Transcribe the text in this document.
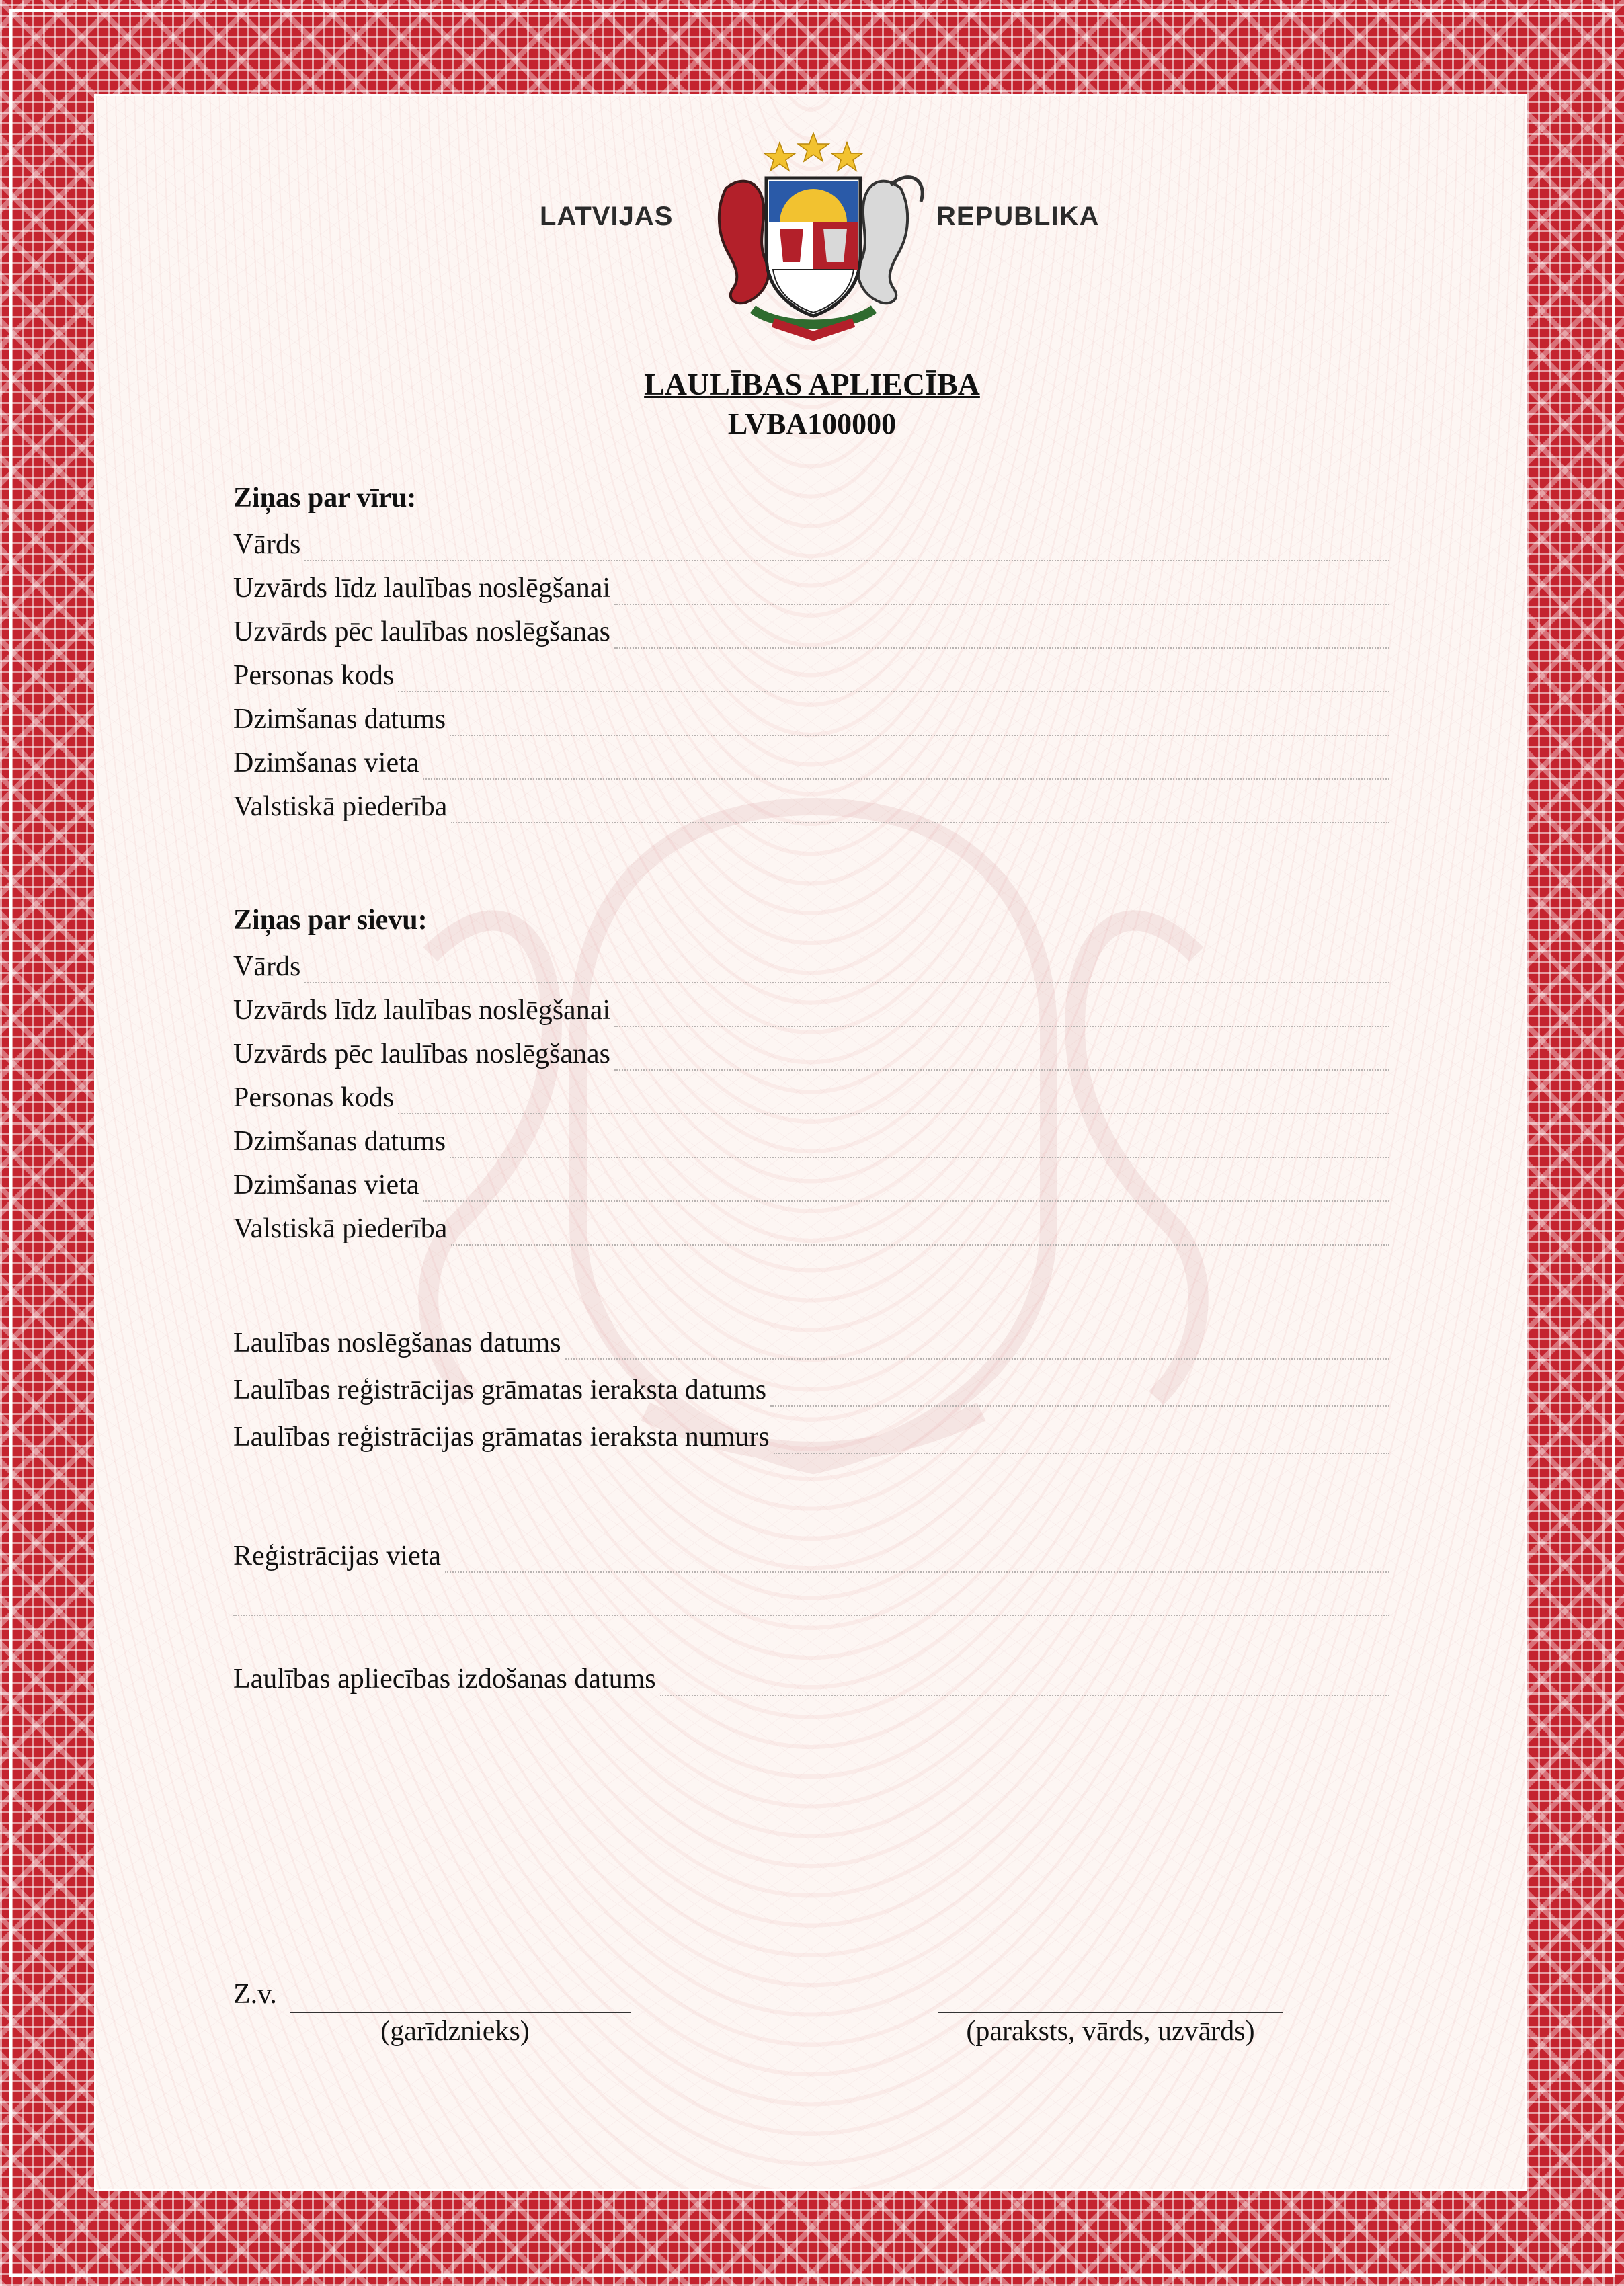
LATVIJAS	REPUBLIKA
LAULĪBAS APLIECĪBA
LVBA100000
Ziņas par vīru:
Vārds
Uzvārds līdz laulības noslēgšanai
Uzvārds pēc laulības noslēgšanas
Personas kods
Dzimšanas datums
Dzimšanas vieta
Valstiskā piederība
Ziņas par sievu:
Vārds
Uzvārds līdz laulības noslēgšanai
Uzvārds pēc laulības noslēgšanas
Personas kods
Dzimšanas datums
Dzimšanas vieta
Valstiskā piederība
Laulības noslēgšanas datums
Laulības reģistrācijas grāmatas ieraksta datums
Laulības reģistrācijas grāmatas ieraksta numurs
Reģistrācijas vieta
Laulības apliecības izdošanas datums
Z.v.
(garīdznieks)	(paraksts, vārds, uzvārds)
